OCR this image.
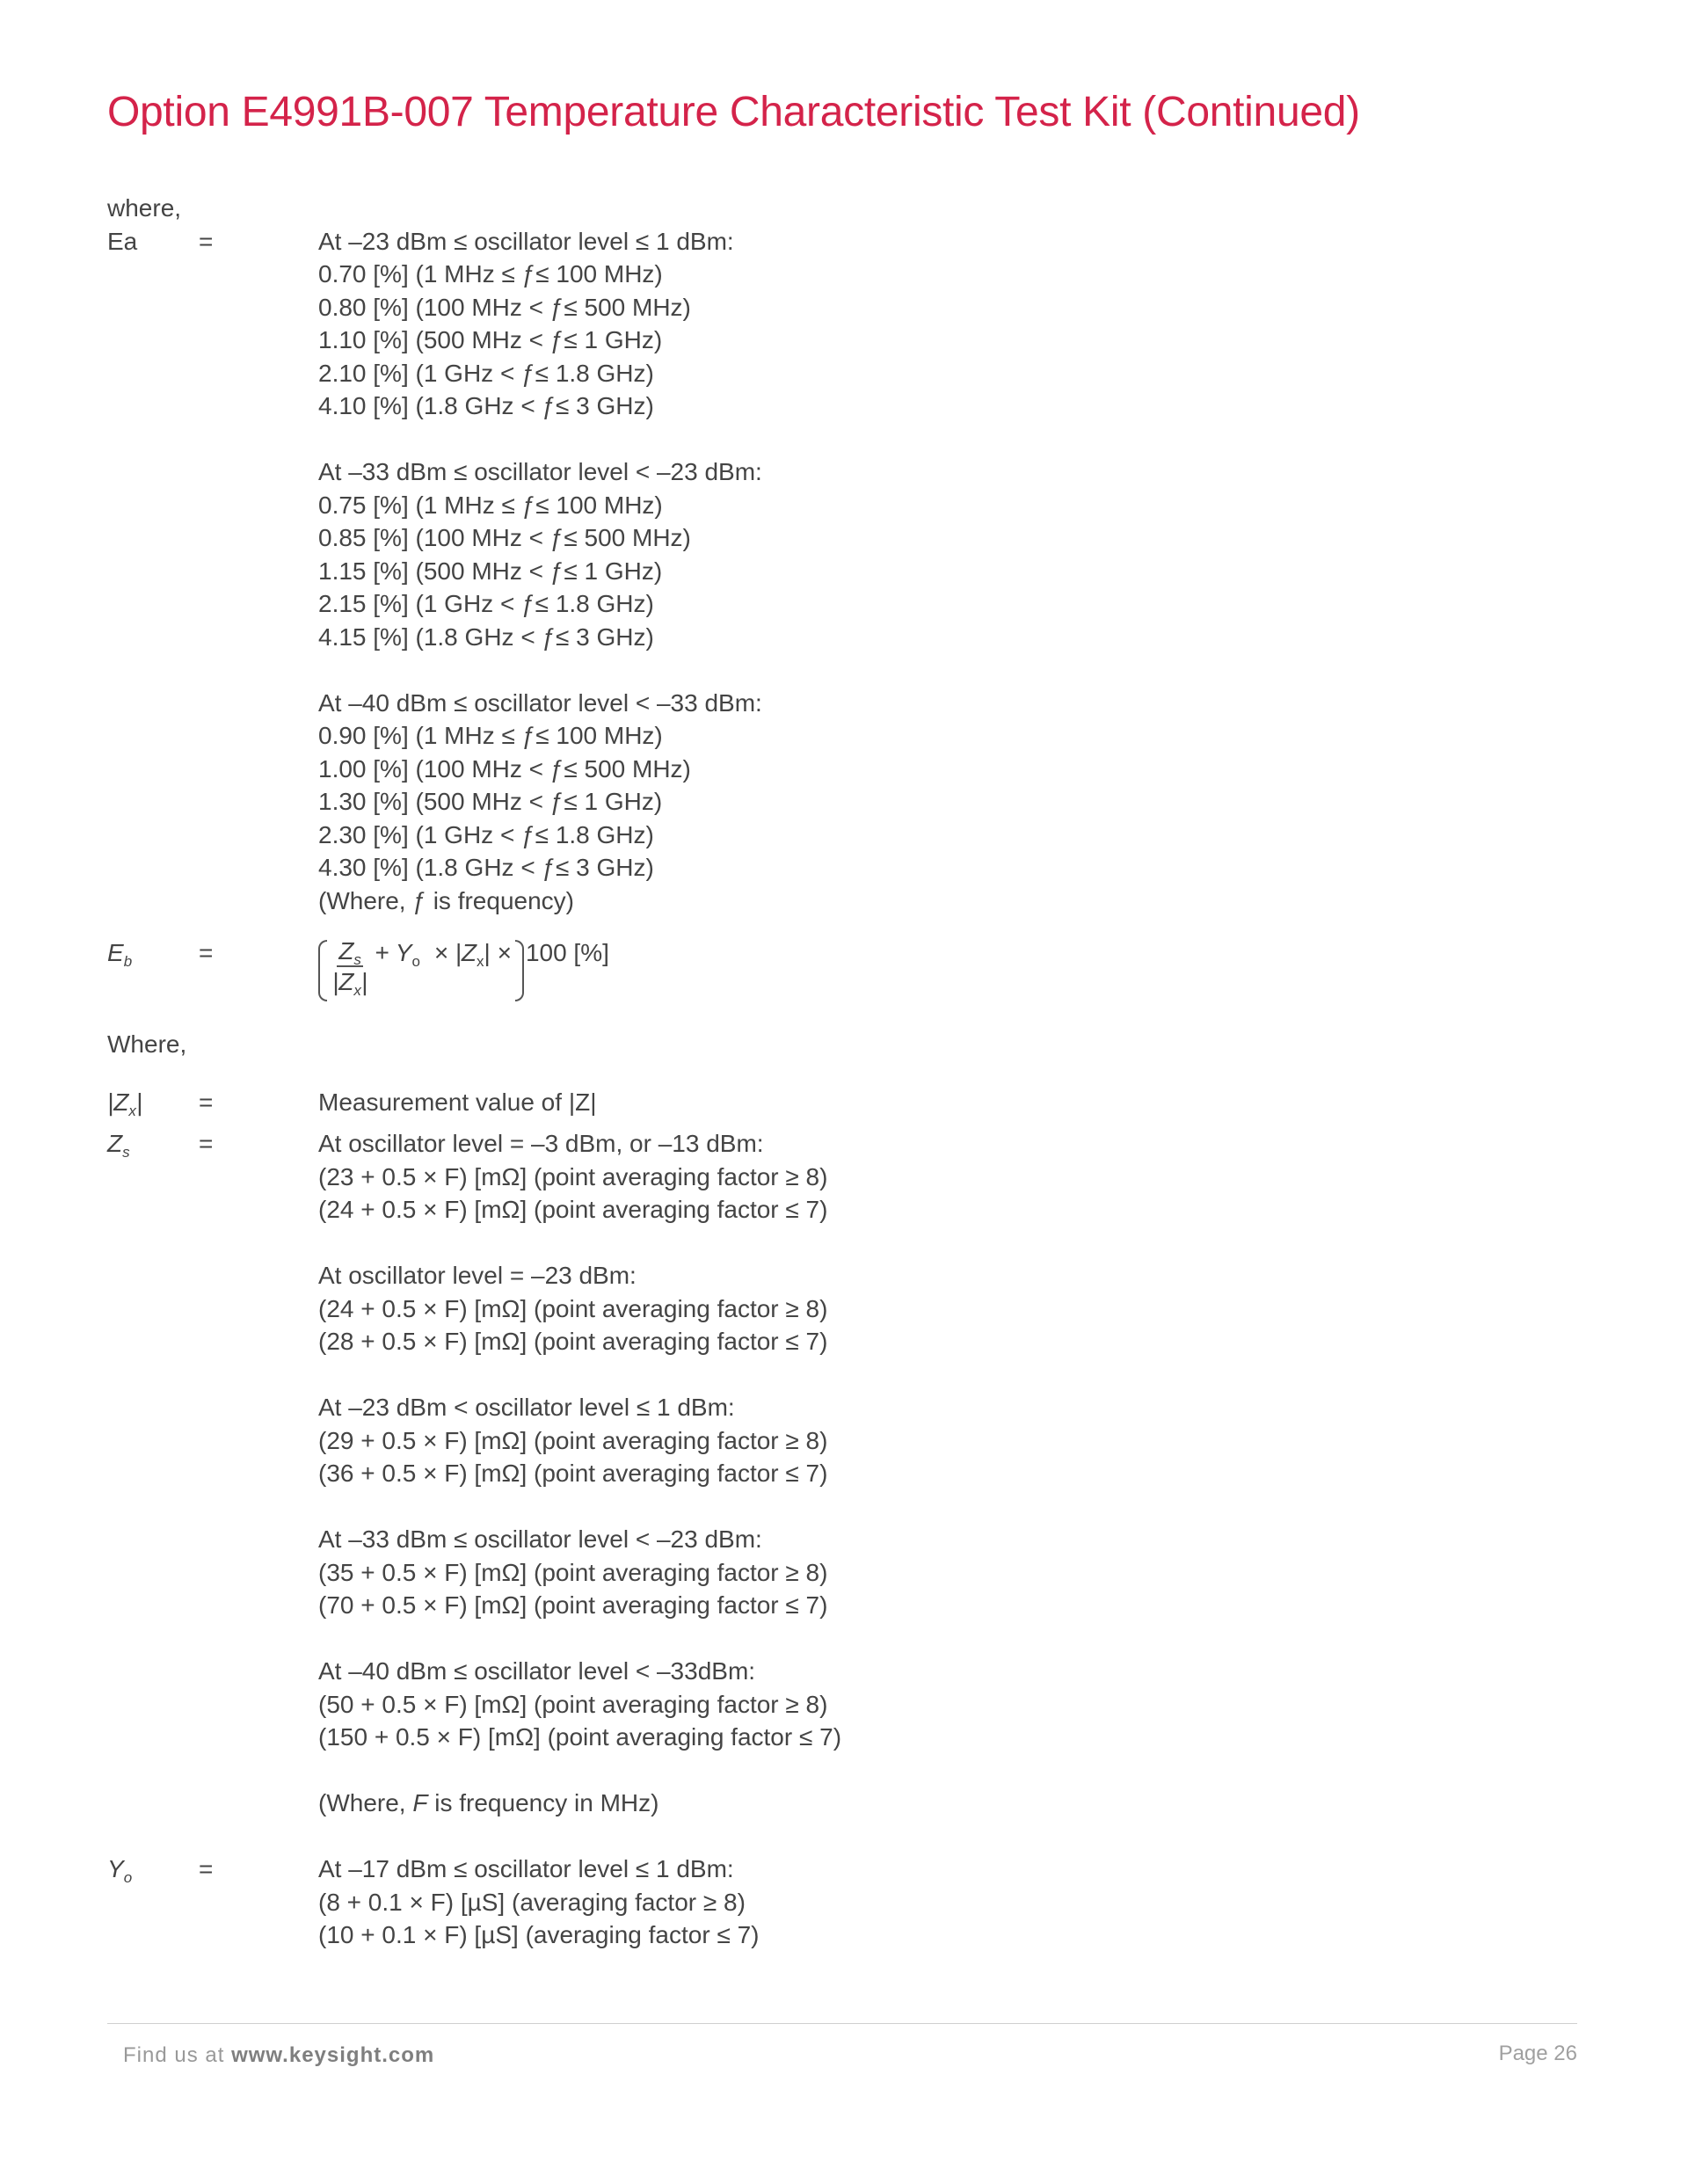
Option E4991B-007 Temperature Characteristic Test Kit (Continued)

where,

Ea	=	At –23 dBm ≤ oscillator level ≤ 1 dBm:
0.70 [%] (1 MHz ≤ ƒ≤ 100 MHz)
0.80 [%] (100 MHz < ƒ≤ 500 MHz)
1.10 [%] (500 MHz < ƒ≤ 1 GHz)
2.10 [%] (1 GHz < ƒ≤ 1.8 GHz)
4.10 [%] (1.8 GHz < ƒ≤ 3 GHz)
At –33 dBm ≤ oscillator level < –23 dBm:
0.75 [%] (1 MHz ≤ ƒ≤ 100 MHz)
0.85 [%] (100 MHz < ƒ≤ 500 MHz)
1.15 [%] (500 MHz < ƒ≤ 1 GHz)
2.15 [%] (1 GHz < ƒ≤ 1.8 GHz)
4.15 [%] (1.8 GHz < ƒ≤ 3 GHz)
At –40 dBm ≤ oscillator level < –33 dBm:
0.90 [%] (1 MHz ≤ ƒ≤ 100 MHz)
1.00 [%] (100 MHz < ƒ≤ 500 MHz)
1.30 [%] (500 MHz < ƒ≤ 1 GHz)
2.30 [%] (1 GHz < ƒ≤ 1.8 GHz)
4.30 [%] (1.8 GHz < ƒ≤ 3 GHz)
(Where, ƒ is frequency)
$E_b$	=	$\frac{Z_s}{|Z_x|} + Y_o \times |Z_x| \times 100$ [%]

Where,

$|Z_x|$	=	Measurement value of |Z|
$Z_s$	=	At oscillator level = –3 dBm, or –13 dBm:
(23 + 0.5 × F) [mΩ] (point averaging factor ≥ 8)
(24 + 0.5 × F) [mΩ] (point averaging factor ≤ 7)
At oscillator level = –23 dBm:
(24 + 0.5 × F) [mΩ] (point averaging factor ≥ 8)
(28 + 0.5 × F) [mΩ] (point averaging factor ≤ 7)
At –23 dBm < oscillator level ≤ 1 dBm:
(29 + 0.5 × F) [mΩ] (point averaging factor ≥ 8)
(36 + 0.5 × F) [mΩ] (point averaging factor ≤ 7)
At –33 dBm ≤ oscillator level < –23 dBm:
(35 + 0.5 × F) [mΩ] (point averaging factor ≥ 8)
(70 + 0.5 × F) [mΩ] (point averaging factor ≤ 7)
At –40 dBm ≤ oscillator level < –33dBm:
(50 + 0.5 × F) [mΩ] (point averaging factor ≥ 8)
(150 + 0.5 × F) [mΩ] (point averaging factor ≤ 7)
(Where, F is frequency in MHz)
$Y_o$	=	At –17 dBm ≤ oscillator level ≤ 1 dBm:
(8 + 0.1 × F) [µS] (averaging factor ≥ 8)
(10 + 0.1 × F) [µS] (averaging factor ≤ 7)
Find us at www.keysight.com	Page 26
